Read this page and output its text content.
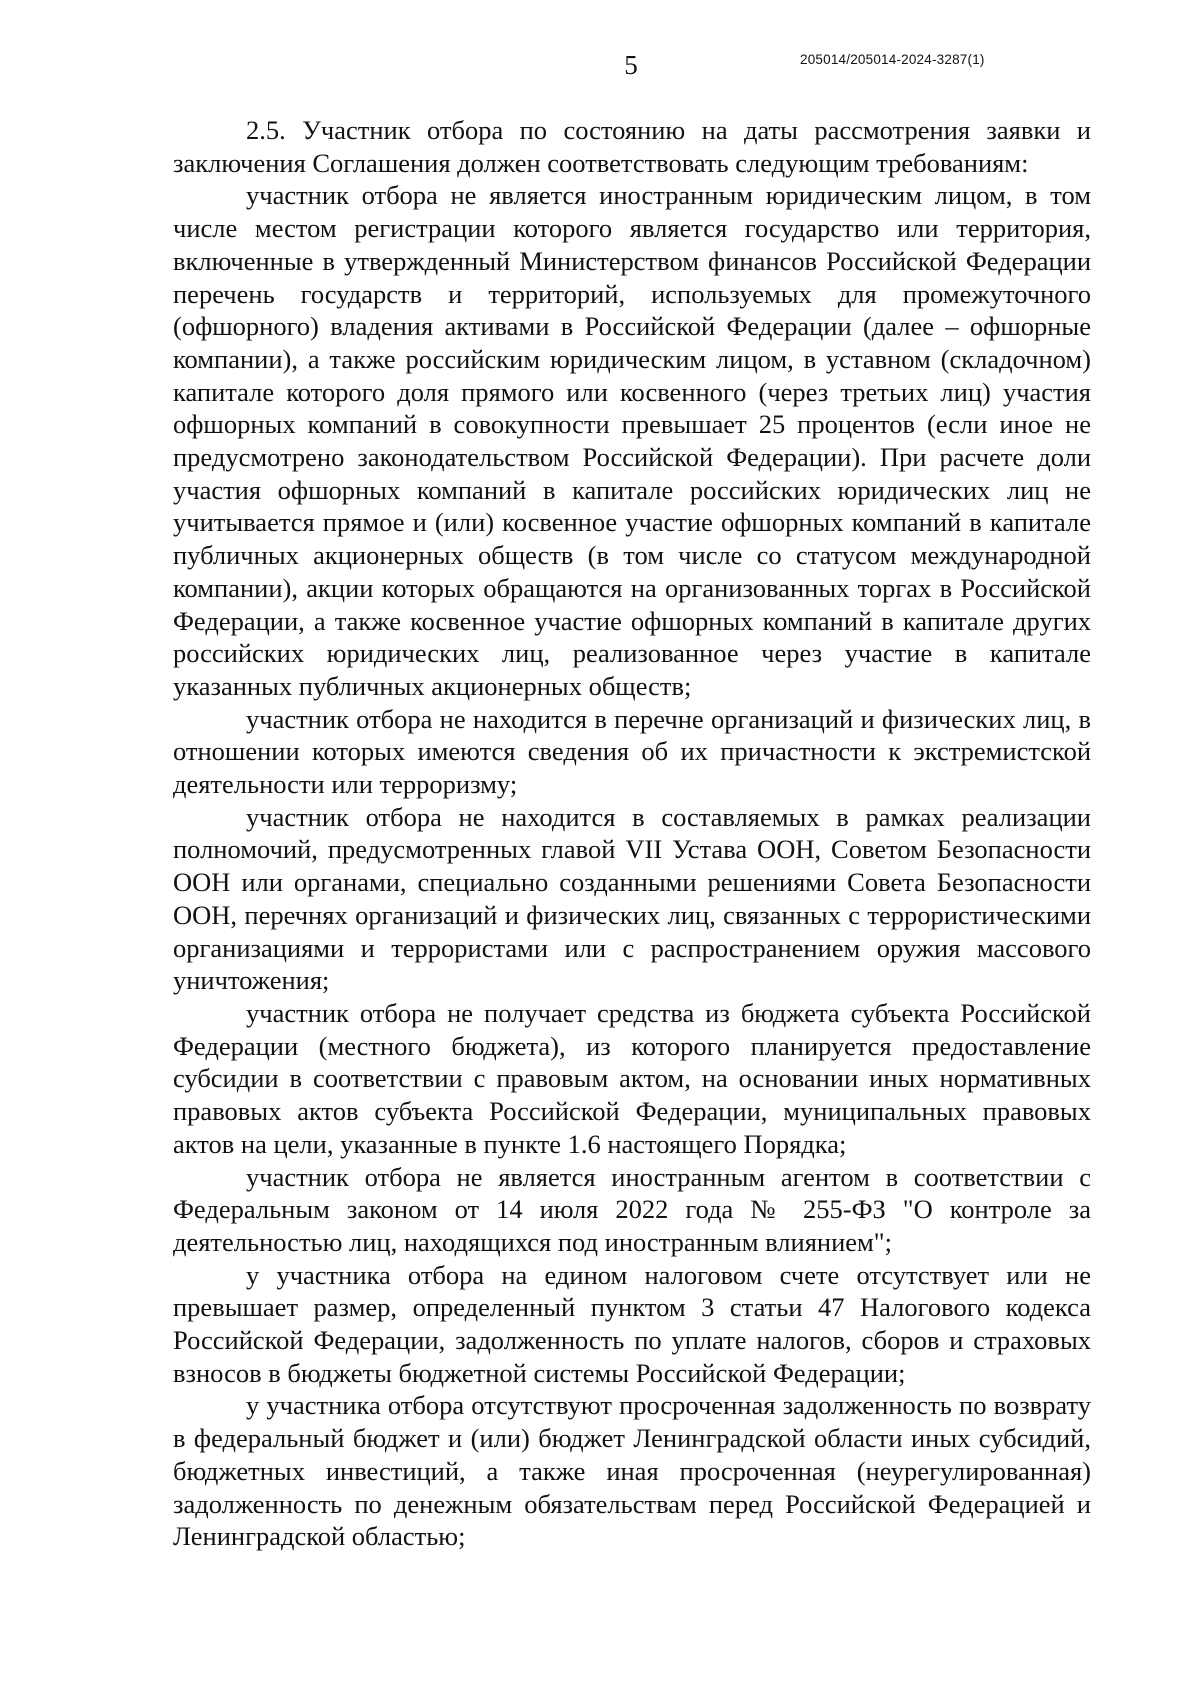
5	205014/205014-2024-3287(1)

2.5. Участник отбора по состоянию на даты рассмотрения заявки и заключения Соглашения должен соответствовать следующим требованиям:

участник отбора не является иностранным юридическим лицом, в том числе местом регистрации которого является государство или территория, включенные в утвержденный Министерством финансов Российской Федерации перечень государств и территорий, используемых для промежуточного (офшорного) владения активами в Российской Федерации (далее – офшорные компании), а также российским юридическим лицом, в уставном (складочном) капитале которого доля прямого или косвенного (через третьих лиц) участия офшорных компаний в совокупности превышает 25 процентов (если иное не предусмотрено законодательством Российской Федерации). При расчете доли участия офшорных компаний в капитале российских юридических лиц не учитывается прямое и (или) косвенное участие офшорных компаний в капитале публичных акционерных обществ (в том числе со статусом международной компании), акции которых обращаются на организованных торгах в Российской Федерации, а также косвенное участие офшорных компаний в капитале других российских юридических лиц, реализованное через участие в капитале указанных публичных акционерных обществ;

участник отбора не находится в перечне организаций и физических лиц, в отношении которых имеются сведения об их причастности к экстремистской деятельности или терроризму;

участник отбора не находится в составляемых в рамках реализации полномочий, предусмотренных главой VII Устава ООН, Советом Безопасности ООН или органами, специально созданными решениями Совета Безопасности ООН, перечнях организаций и физических лиц, связанных с террористическими организациями и террористами или с распространением оружия массового уничтожения;

участник отбора не получает средства из бюджета субъекта Российской Федерации (местного бюджета), из которого планируется предоставление субсидии в соответствии с правовым актом, на основании иных нормативных правовых актов субъекта Российской Федерации, муниципальных правовых актов на цели, указанные в пункте 1.6 настоящего Порядка;

участник отбора не является иностранным агентом в соответствии с Федеральным законом от 14 июля 2022 года № 255-ФЗ "О контроле за деятельностью лиц, находящихся под иностранным влиянием";

у участника отбора на едином налоговом счете отсутствует или не превышает размер, определенный пунктом 3 статьи 47 Налогового кодекса Российской Федерации, задолженность по уплате налогов, сборов и страховых взносов в бюджеты бюджетной системы Российской Федерации;

у участника отбора отсутствуют просроченная задолженность по возврату в федеральный бюджет и (или) бюджет Ленинградской области иных субсидий, бюджетных инвестиций, а также иная просроченная (неурегулированная) задолженность по денежным обязательствам перед Российской Федерацией и Ленинградской областью;
